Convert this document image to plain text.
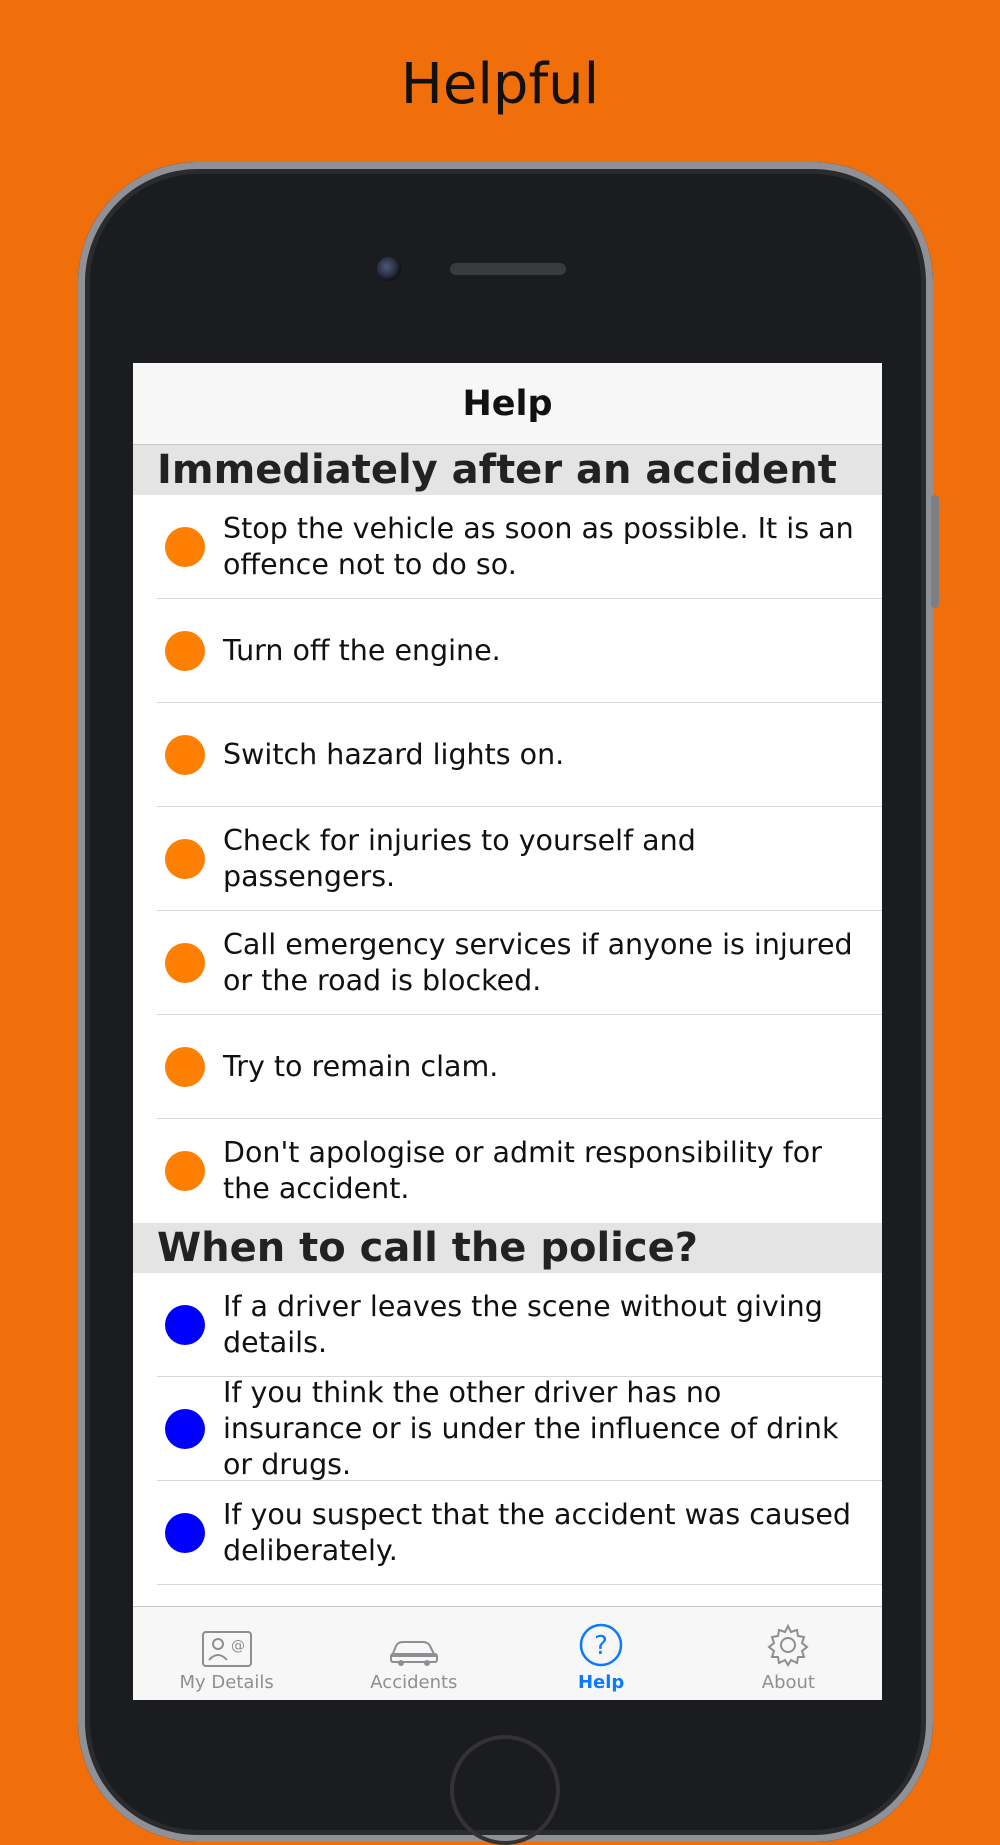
Helpful
Help
Immediately after an accident
Stop the vehicle as soon as possible. It is an offence not to do so.
Turn off the engine.
Switch hazard lights on.
Check for injuries to yourself and passengers.
Call emergency services if anyone is injured or the road is blocked.
Try to remain clam.
Don't apologise or admit responsibility for the accident.
When to call the police?
If a driver leaves the scene without giving details.
If you think the other driver has no insurance or is under the influence of drink or drugs.
If you suspect that the accident was caused deliberately.
@
My Details	Accidents
?
Help	About
